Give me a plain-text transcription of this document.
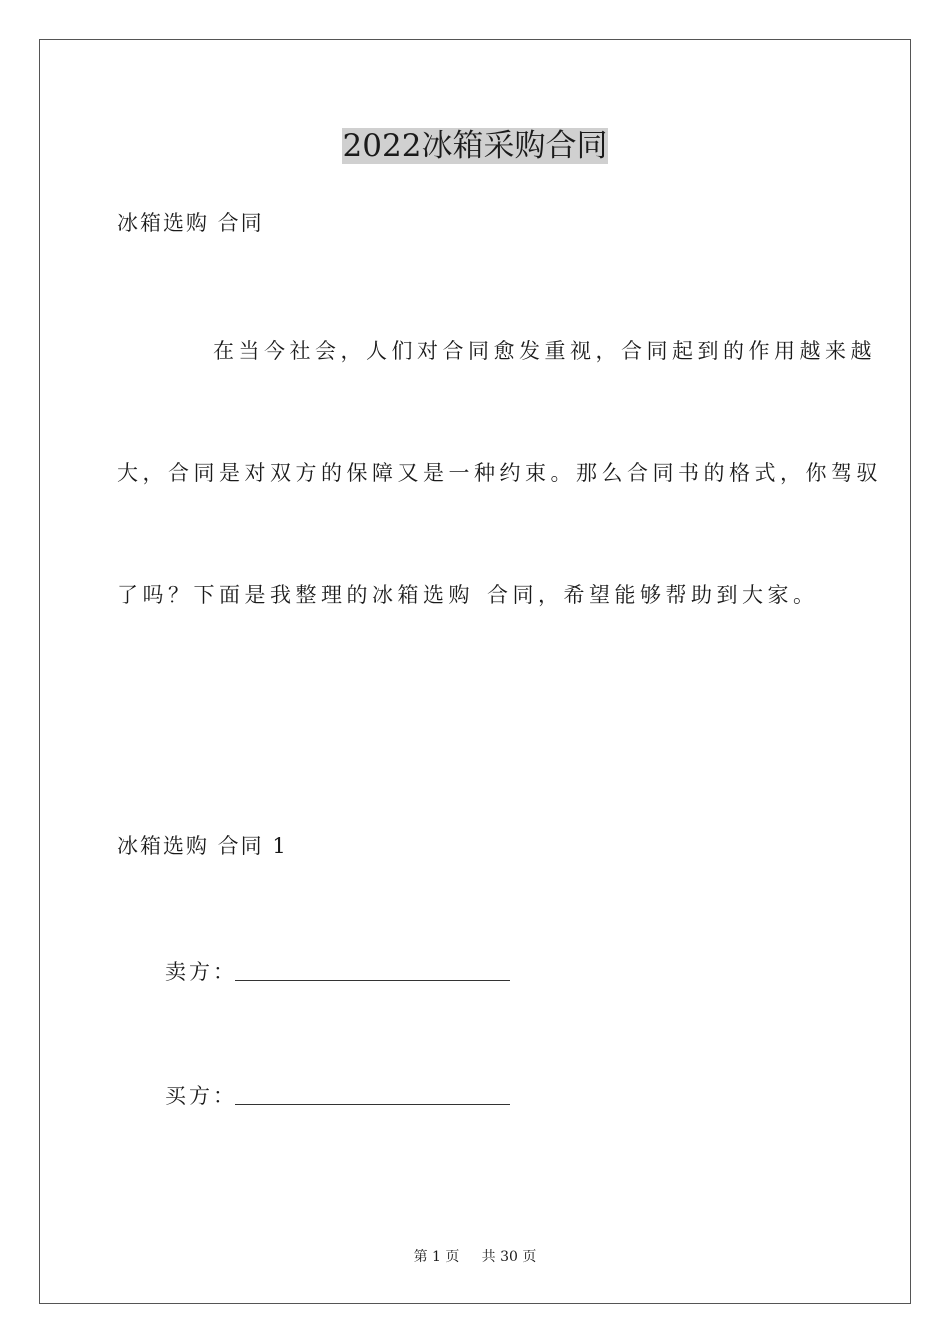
2022冰箱采购合同
冰箱选购 合同
在当今社会，人们对合同愈发重视，合同起到的作用越来越
大，合同是对双方的保障又是一种约束。那么合同书的格式，你驾驭
了吗？下面是我整理的冰箱选购 合同，希望能够帮助到大家。
冰箱选购 合同 1
卖方：
买方：
第 1 页 共 30 页
